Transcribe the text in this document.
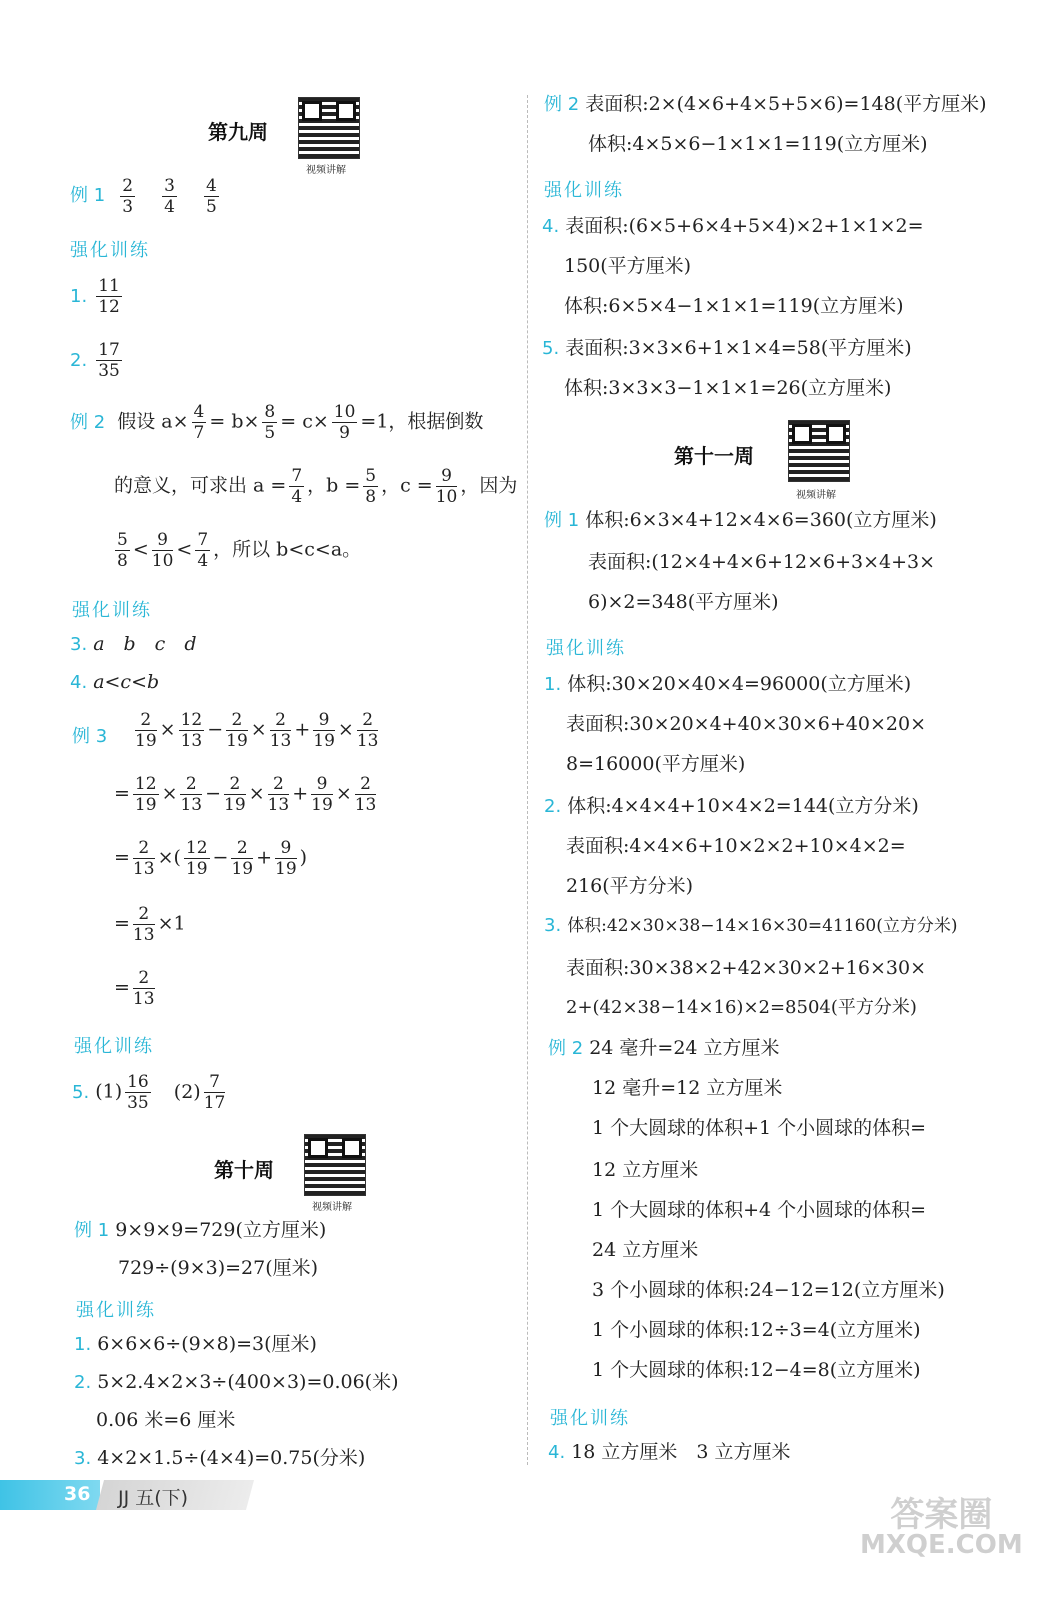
第九周
视频讲解
例 $1 \frac{2}{3}$
$\frac{3}{4}$
$\frac{4}{5}$
强化训练
1. $\frac{11}{12}$
2. $\frac{17}{35}$
例 2 假设 $a\times \frac{4}{7} = b\times \frac{8}{5} = c\times \frac{10}{9} =1$，根据倒数
的意义，可求出 $a = \frac{7}{4}$ ，$b = \frac{5}{8}$ ，$c = \frac{9}{10}$ ，因为
$\frac{5}{8} < \frac{9}{10} < \frac{7}{4}$ ，所以 b<c<a。
强化训练
3. a　b　c　d
4. a<c<b
例 3	$\frac{2}{19} \times \frac{12}{13} - \frac{2}{19} \times \frac{2}{13} + \frac{9}{19} \times \frac{2}{13}$
= $\frac{12}{19} \times \frac{2}{13} - \frac{2}{19} \times \frac{2}{13} + \frac{9}{19} \times \frac{2}{13}$
= $\frac{2}{13}$ ×( $\frac{12}{19} - \frac{2}{19} + \frac{9}{19}$ )
= $\frac{2}{13} \times 1$
= $\frac{2}{13}$
强化训练
5. $(1) \frac{16}{35} (2) \frac{7}{17}$
第十周
视频讲解
例 1 9×9×9=729(立方厘米)
729÷(9×3)=27(厘米)
强化训练
1. 6×6×6÷(9×8)=3(厘米)
2. 5×2.4×2×3÷(400×3)=0.06(米)
0.06 米=6 厘米
3. 4×2×1.5÷(4×4)=0.75(分米)
例 2 表面积:2×(4×6+4×5+5×6)=148(平方厘米)
体积:4×5×6−1×1×1=119(立方厘米)
强化训练
4. 表面积:(6×5+6×4+5×4)×2+1×1×2=
150(平方厘米)
体积:6×5×4−1×1×1=119(立方厘米)
5. 表面积:3×3×6+1×1×4=58(平方厘米)
体积:3×3×3−1×1×1=26(立方厘米)
第十一周
视频讲解
例 1 体积:6×3×4+12×4×6=360(立方厘米)
表面积:(12×4+4×6+12×6+3×4+3×
6)×2=348(平方厘米)
强化训练
1. 体积:30×20×40×4=96000(立方厘米)
表面积:30×20×4+40×30×6+40×20×
8=16000(平方厘米)
2. 体积:4×4×4+10×4×2=144(立方分米)
表面积:4×4×6+10×2×2+10×4×2=
216(平方分米)
3. 体积:42×30×38−14×16×30=41160(立方分米)
表面积:30×38×2+42×30×2+16×30×
2+(42×38−14×16)×2=8504(平方分米)
例 2 24 毫升=24 立方厘米
12 毫升=12 立方厘米
1 个大圆球的体积+1 个小圆球的体积=
12 立方厘米
1 个大圆球的体积+4 个小圆球的体积=
24 立方厘米
3 个小圆球的体积:24−12=12(立方厘米)
1 个小圆球的体积:12÷3=4(立方厘米)
1 个大圆球的体积:12−4=8(立方厘米)
强化训练
4. 18 立方厘米　3 立方厘米
36 JJ 五(下)	答案圈
MXQE.COM
